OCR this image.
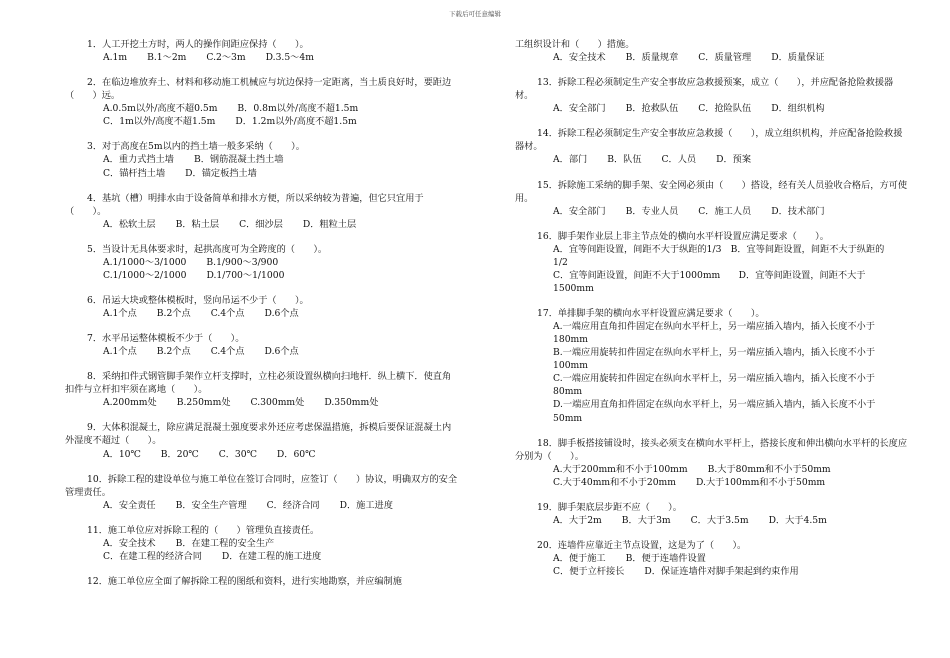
下载后可任意编辑
1．人工开挖土方时，两人的操作间距应保持（　　）。
A.1m B.1～2m C.2～3m D.3.5～4m
2．在临边堆放弃土、材料和移动施工机械应与坑边保持一定距离，当土质良好时，要距边（　　）远。
A.0.5m以外/高度不超0.5m B．0.8m以外/高度不超1.5m
C．1m以外/高度不超1.5m D．1.2m以外/高度不超1.5m
3．对于高度在5m以内的挡土墙一般多采纳（　　）。
A．重力式挡土墙 B．钢筋混凝土挡土墙
C．锚杆挡土墙 D．锚定板挡土墙
4．基坑（槽）明排水由于设备简单和排水方便，所以采纳较为普遍，但它只宜用于（　　）。
A．松软土层 B．粘土层 C．细沙层 D．粗粒土层
5．当设计无具体要求时，起拱高度可为全跨度的（　　）。
A.1/1000～3/1000 B.1/900～3/900
C.1/1000～2/1000 D.1/700～1/1000
6．吊运大块或整体模板时，竖向吊运不少于（　　）。
A.1个点 B.2个点 C.4个点 D.6个点
7．水平吊运整体模板不少于（　　）。
A.1个点 B.2个点 C.4个点 D.6个点
8．采纳扣件式钢管脚手架作立杆支撑时，立柱必须设置纵横向扫地杆．纵上横下．使直角扣件与立杆扣牢须在离地（　　）。
A.200mm处 B.250mm处 C.300mm处 D.350mm处
9．大体积混凝土，除应满足混凝土强度要求外还应考虑保温措施，拆模后要保证混凝土内外湿度不超过（　　）。
A．10℃ B．20℃ C．30℃ D．60℃
10．拆除工程的建设单位与施工单位在签订合同时，应签订（　　）协议，明确双方的安全管理责任。
A．安全责任 B．安全生产管理 C．经济合同 D．施工进度
11．施工单位应对拆除工程的（　　）管理负直接责任。
A．安全技术 B．在建工程的安全生产
C．在建工程的经济合同 D．在建工程的施工进度
12．施工单位应全面了解拆除工程的图纸和资料，进行实地勘察，并应编制施
工组织设计和（　　）措施。
A．安全技术 B．质量规章 C．质量管理 D．质量保证
13．拆除工程必须制定生产安全事故应急救援预案，成立（　　），并应配备抢险救援器材。
A．安全部门 B．抢救队伍 C．抢险队伍 D．组织机构
14．拆除工程必须制定生产安全事故应急救援（　　），成立组织机构，并应配备抢险救援器材。
A．部门 B．队伍 C．人员 D．预案
15．拆除施工采纳的脚手架、安全网必须由（　　）搭设，经有关人员验收合格后，方可使用。
A．安全部门 B．专业人员 C．施工人员 D．技术部门
16．脚手架作业层上非主节点处的横向水平杆设置应满足要求（　　）。
A．宜等间距设置，间距不大于纵距的1/3　B．宜等间距设置，间距不大于纵距的1/2
C．宜等间距设置，间距不大于1000mm　　D．宜等间距设置，间距不大于1500mm
17．单排脚手架的横向水平杆设置应满足要求（　　）。
A.一端应用直角扣件固定在纵向水平杆上，另一端应插入墙内，插入长度不小于180mm
B.一端应用旋转扣件固定在纵向水平杆上，另一端应插入墙内，插入长度不小于100mm
C.一端应用旋转扣件固定在纵向水平杆上，另一端应插入墙内，插入长度不小于80mm
D.一端应用直角扣件固定在纵向水平杆上，另一端应插入墙内，插入长度不小于50mm
18．脚手板搭接铺设时，接头必须支在横向水平杆上，搭接长度和伸出横向水平杆的长度应分别为（　　）。
A.大于200mm和不小于100mm B.大于80mm和不小于50mm
C.大于40mm和不小于20mm D.大于100mm和不小于50mm
19．脚手架底层步距不应（　　）。
A．大于2m B．大于3m C．大于3.5m D．大于4.5m
20．连墙件应靠近主节点设置，这是为了（　　）。
A．便于施工 B．便于连墙件设置
C．便于立杆接长 D．保证连墙件对脚手架起到约束作用
